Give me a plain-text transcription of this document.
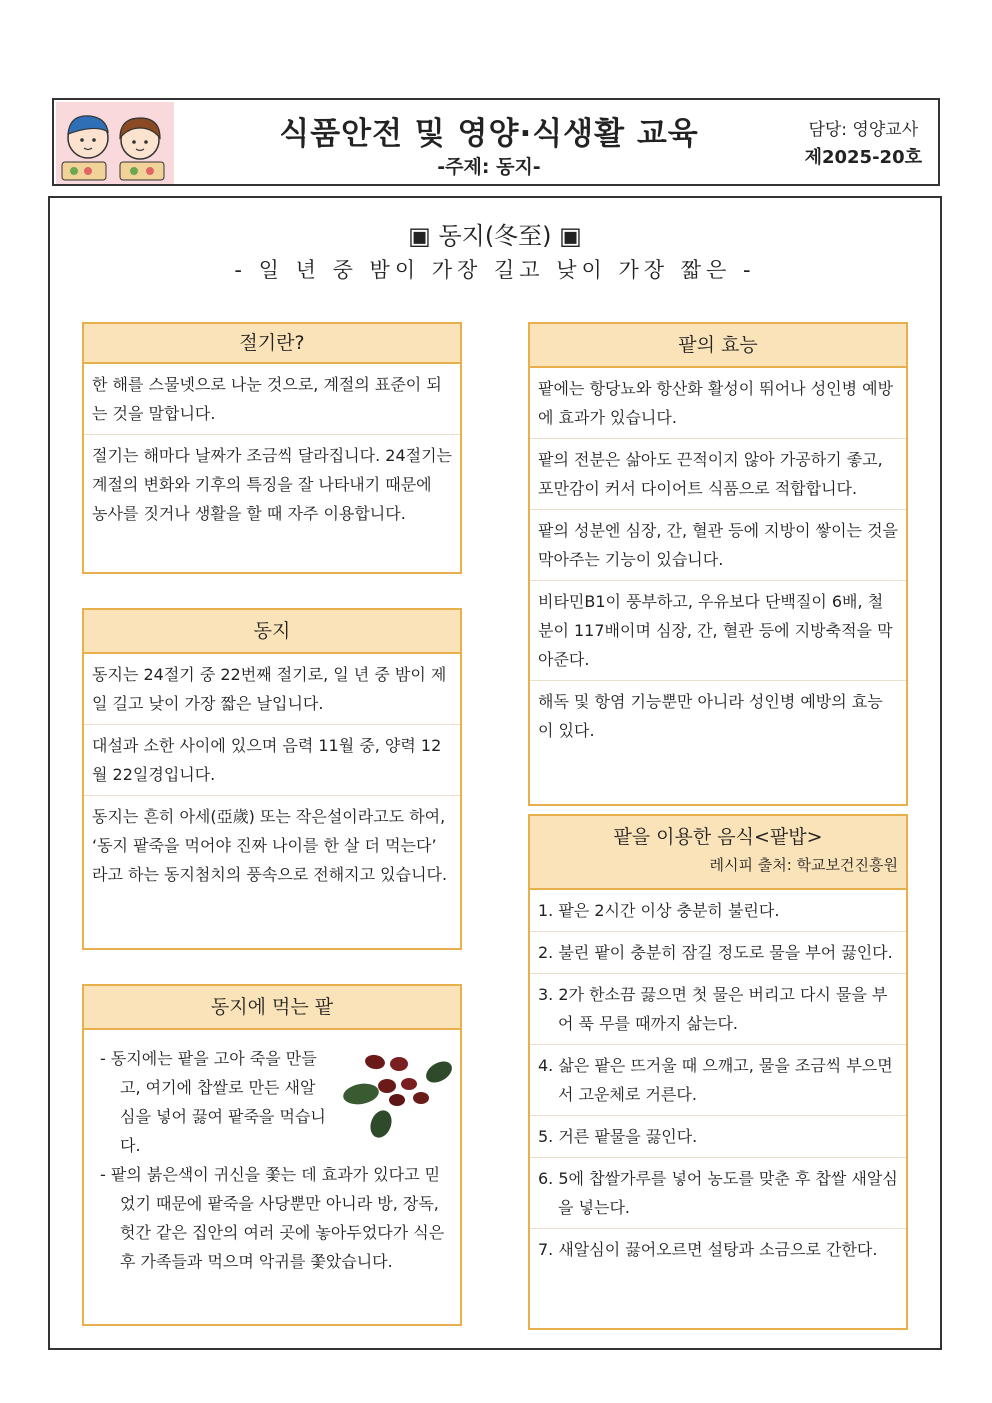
식품안전 및 영양·식생활 교육
-주제: 동지-
담당: 영양교사
제2025-20호
▣ 동지(冬至) ▣
- 일 년 중 밤이 가장 길고 낮이 가장 짧은 -
절기란?
한 해를 스물넷으로 나눈 것으로, 계절의 표준이 되는 것을 말합니다.
절기는 해마다 날짜가 조금씩 달라집니다. 24절기는 계절의 변화와 기후의 특징을 잘 나타내기 때문에 농사를 짓거나 생활을 할 때 자주 이용합니다.
동지
동지는 24절기 중 22번째 절기로, 일 년 중 밤이 제일 길고 낮이 가장 짧은 날입니다.
대설과 소한 사이에 있으며 음력 11월 중, 양력 12월 22일경입니다.
동지는 흔히 아세(亞歲) 또는 작은설이라고도 하여, ‘동지 팥죽을 먹어야 진짜 나이를 한 살 더 먹는다’ 라고 하는 동지첨치의 풍속으로 전해지고 있습니다.
동지에 먹는 팥
- 동지에는 팥을 고아 죽을 만들고, 여기에 찹쌀로 만든 새알심을 넣어 끓여 팥죽을 먹습니다.
- 팥의 붉은색이 귀신을 쫓는 데 효과가 있다고 믿었기 때문에 팥죽을 사당뿐만 아니라 방, 장독, 헛간 같은 집안의 여러 곳에 놓아두었다가 식은 후 가족들과 먹으며 악귀를 쫓았습니다.
팥의 효능
팥에는 항당뇨와 항산화 활성이 뛰어나 성인병 예방에 효과가 있습니다.
팥의 전분은 삶아도 끈적이지 않아 가공하기 좋고, 포만감이 커서 다이어트 식품으로 적합합니다.
팥의 성분엔 심장, 간, 혈관 등에 지방이 쌓이는 것을 막아주는 기능이 있습니다.
비타민B1이 풍부하고, 우유보다 단백질이 6배, 철분이 117배이며 심장, 간, 혈관 등에 지방축적을 막아준다.
해독 및 항염 기능뿐만 아니라 성인병 예방의 효능이 있다.
팥을 이용한 음식<팥밥>
레시피 출처: 학교보건진흥원
1. 팥은 2시간 이상 충분히 불린다.
2. 불린 팥이 충분히 잠길 정도로 물을 부어 끓인다.
3. 2가 한소끔 끓으면 첫 물은 버리고 다시 물을 부어 푹 무를 때까지 삶는다.
4. 삶은 팥은 뜨거울 때 으깨고, 물을 조금씩 부으면서 고운체로 거른다.
5. 거른 팥물을 끓인다.
6. 5에 찹쌀가루를 넣어 농도를 맞춘 후 찹쌀 새알심을 넣는다.
7. 새알심이 끓어오르면 설탕과 소금으로 간한다.
